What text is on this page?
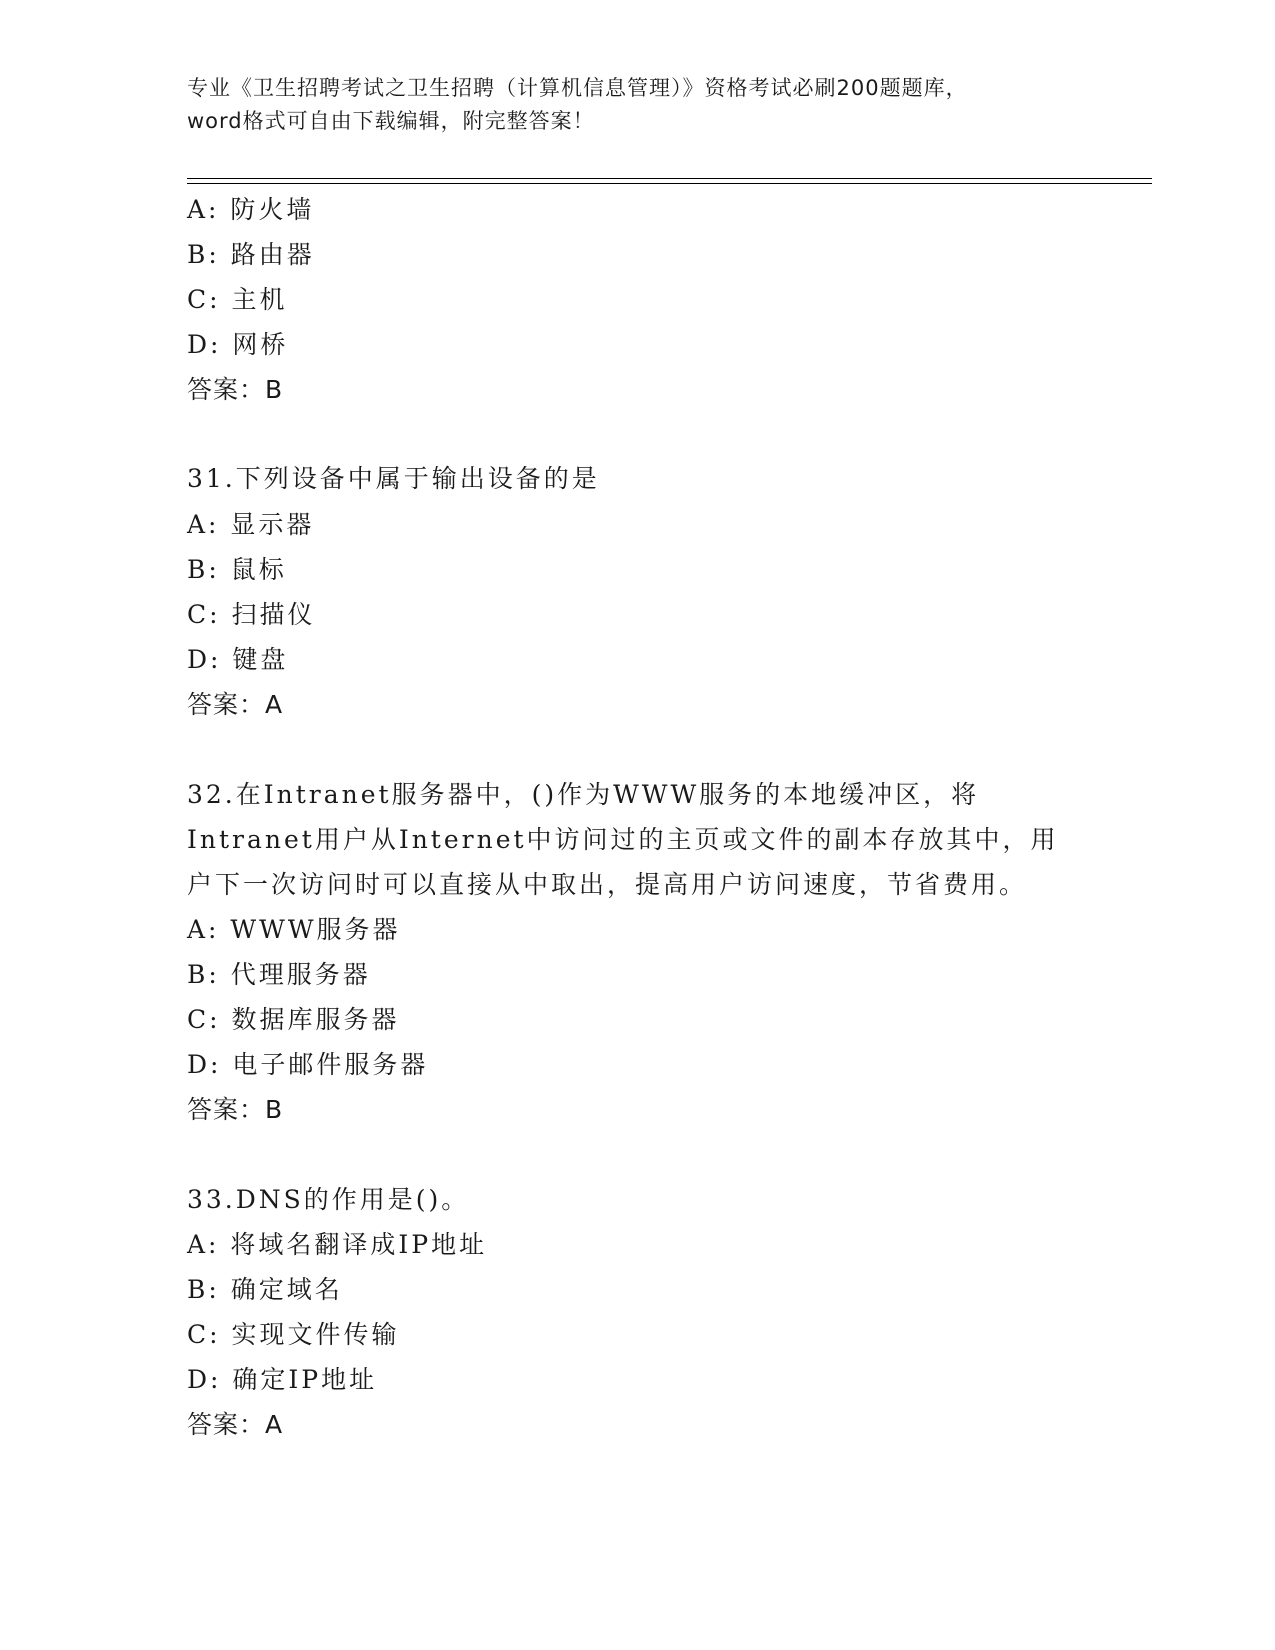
专业《卫生招聘考试之卫生招聘（计算机信息管理）》资格考试必刷200题题库，
word格式可自由下载编辑，附完整答案！
A: 防火墙
B: 路由器
C: 主机
D: 网桥
答案：B
31.下列设备中属于输出设备的是
A: 显示器
B: 鼠标
C: 扫描仪
D: 键盘
答案：A
32.在Intranet服务器中，()作为WWW服务的本地缓冲区，将
Intranet用户从Internet中访问过的主页或文件的副本存放其中，用
户下一次访问时可以直接从中取出，提高用户访问速度，节省费用。
A: WWW服务器
B: 代理服务器
C: 数据库服务器
D: 电子邮件服务器
答案：B
33.DNS的作用是()。
A: 将域名翻译成IP地址
B: 确定域名
C: 实现文件传输
D: 确定IP地址
答案：A
